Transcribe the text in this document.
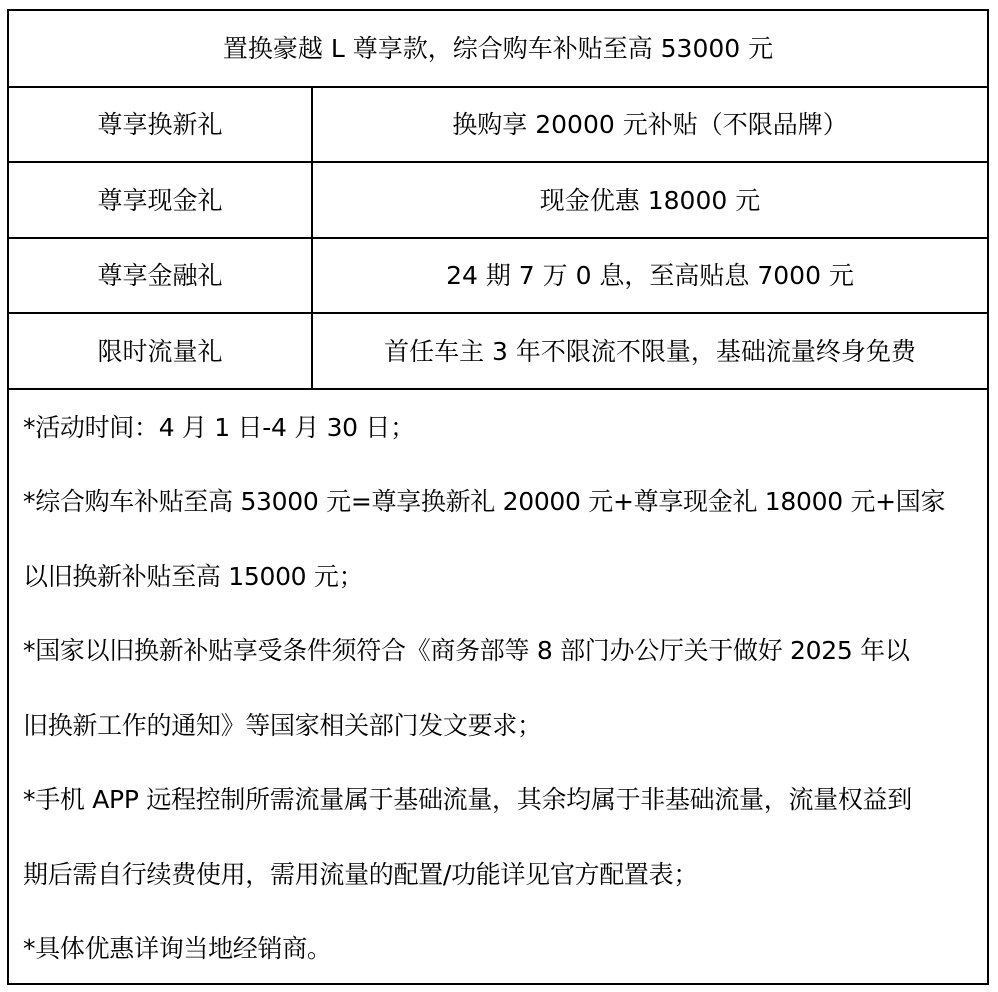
置换豪越 L 尊享款，综合购车补贴至高 53000 元
尊享换新礼	换购享 20000 元补贴（不限品牌）
尊享现金礼	现金优惠 18000 元
尊享金融礼	24 期 7 万 0 息，至高贴息 7000 元
限时流量礼	首任车主 3 年不限流不限量，基础流量终身免费
*活动时间：4 月 1 日-4 月 30 日；
*综合购车补贴至高 53000 元=尊享换新礼 20000 元+尊享现金礼 18000 元+国家
以旧换新补贴至高 15000 元；
*国家以旧换新补贴享受条件须符合《商务部等 8 部门办公厅关于做好 2025 年以
旧换新工作的通知》等国家相关部门发文要求；
*手机 APP 远程控制所需流量属于基础流量，其余均属于非基础流量，流量权益到
期后需自行续费使用，需用流量的配置/功能详见官方配置表；
*具体优惠详询当地经销商。
